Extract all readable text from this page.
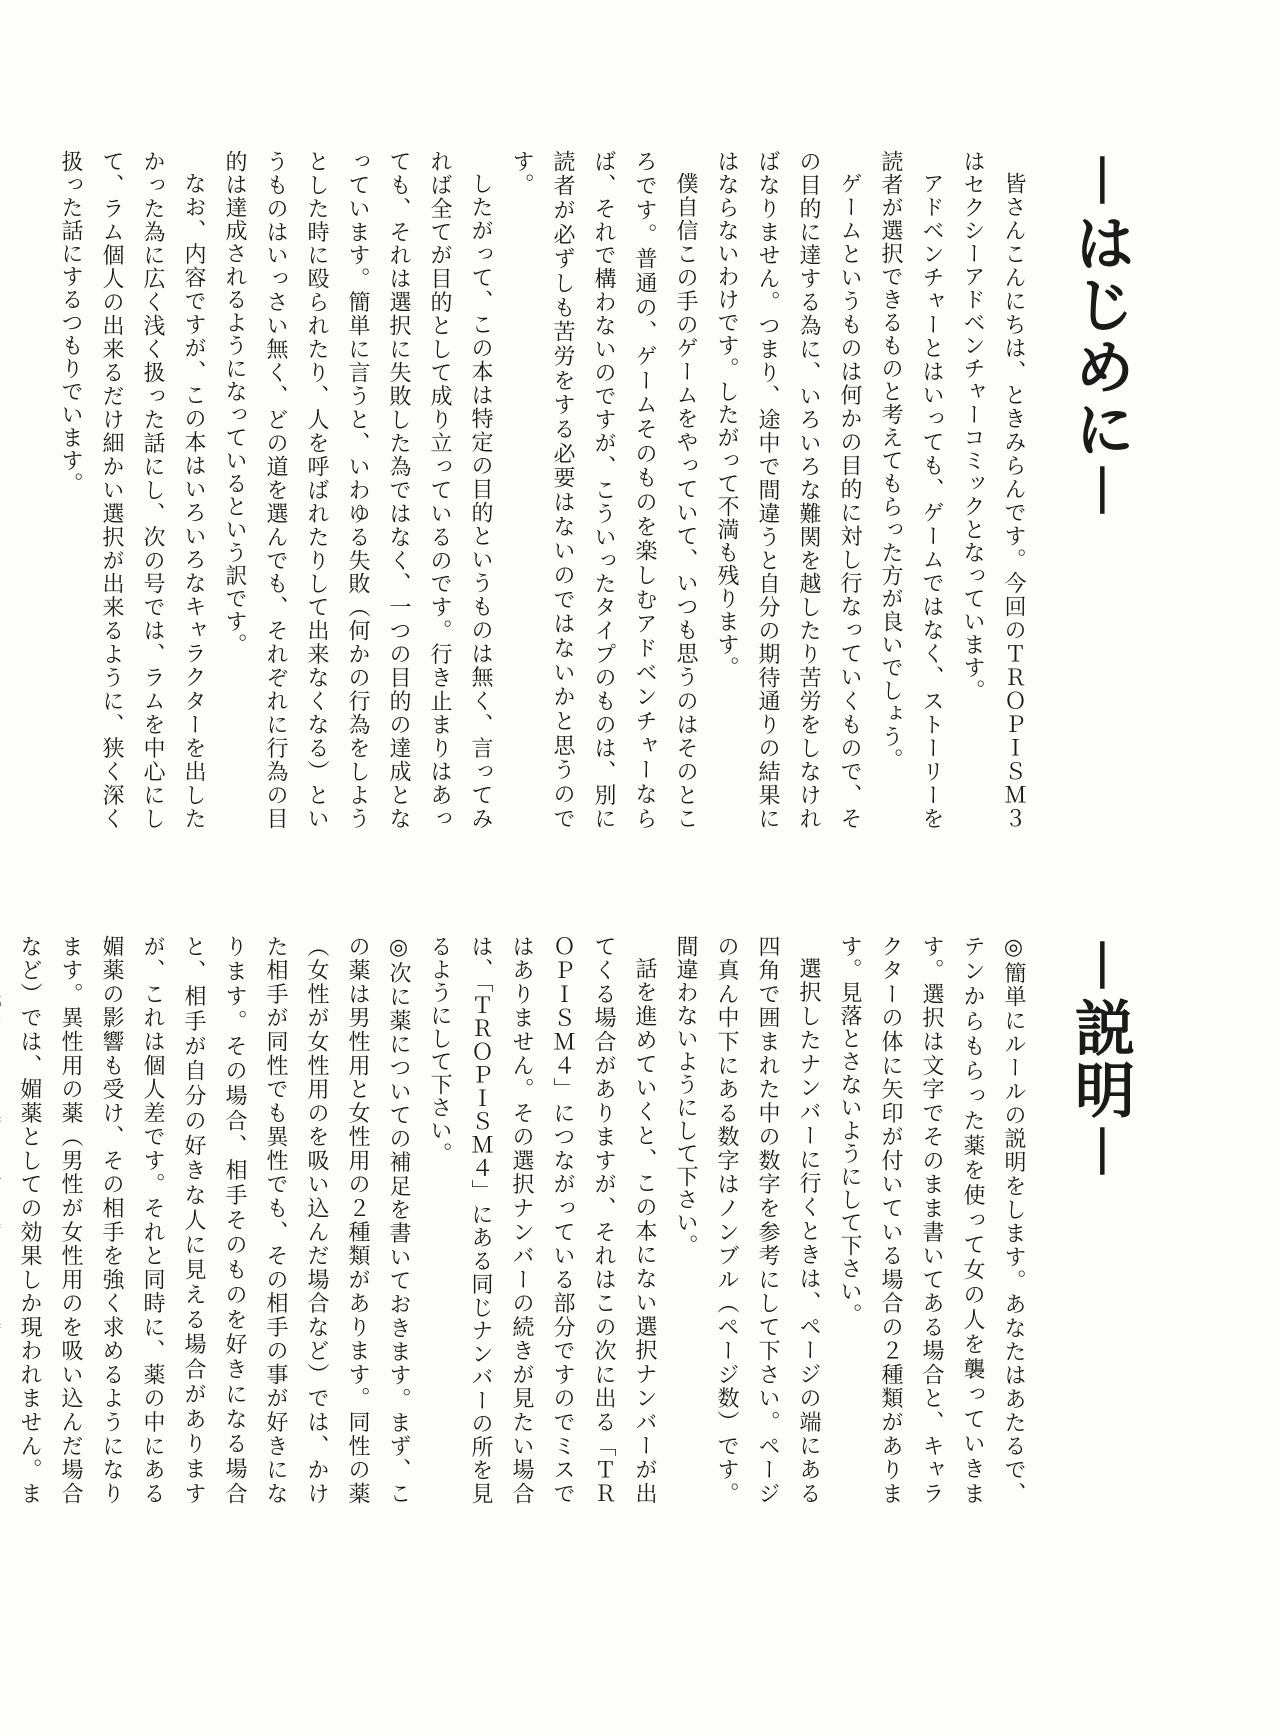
－はじめに－

皆さんこんにちは、ときみらんです。今回のＴＲＯＰＩＳＭ３はセクシーアドベンチャーコミックとなっています。

アドベンチャーとはいっても、ゲームではなく、ストーリーを読者が選択できるものと考えてもらった方が良いでしょう。

ゲームというものは何かの目的に対し行なっていくもので、その目的に達する為に、いろいろな難関を越したり苦労をしなければなりません。つまり、途中で間違うと自分の期待通りの結果にはならないわけです。したがって不満も残ります。

僕自信この手のゲームをやっていて、いつも思うのはそのところです。普通の、ゲームそのものを楽しむアドベンチャーならば、それで構わないのですが、こういったタイプのものは、別に読者が必ずしも苦労をする必要はないのではないかと思うのです。

したがって、この本は特定の目的というものは無く、言ってみれば全てが目的として成り立っているのです。行き止まりはあっても、それは選択に失敗した為ではなく、一つの目的の達成となっています。簡単に言うと、いわゆる失敗（何かの行為をしようとした時に殴られたり、人を呼ばれたりして出来なくなる）というものはいっさい無く、どの道を選んでも、それぞれに行為の目的は達成されるようになっているという訳です。

なお、内容ですが、この本はいろいろなキャラクターを出したかった為に広く浅く扱った話にし、次の号では、ラムを中心にして、ラム個人の出来るだけ細かい選択が出来るように、狭く深く扱った話にするつもりでいます。

－説明－

◎簡単にルールの説明をします。あなたはあたるで、テンからもらった薬を使って女の人を襲っていきます。選択は文字でそのまま書いてある場合と、キャラクターの体に矢印が付いている場合の２種類があります。見落とさないようにして下さい。

選択したナンバーに行くときは、ページの端にある四角で囲まれた中の数字を参考にして下さい。ページの真ん中下にある数字はノンブル（ページ数）です。間違わないようにして下さい。

話を進めていくと、この本にない選択ナンバーが出てくる場合がありますが、それはこの次に出る「ＴＲＯＰＩＳＭ４」につながっている部分ですのでミスではありません。その選択ナンバーの続きが見たい場合は、「ＴＲＯＰＩＳＭ４」にある同じナンバーの所を見るようにして下さい。

◎次に薬についての補足を書いておきます。まず、この薬は男性用と女性用の２種類があります。同性の薬（女性が女性用のを吸い込んだ場合など）では、かけた相手が同性でも異性でも、その相手の事が好きになります。その場合、相手そのものを好きになる場合と、相手が自分の好きな人に見える場合がありますが、これは個人差です。それと同時に、薬の中にある媚薬の影響も受け、その相手を強く求めるようになります。異性用の薬（男性が女性用のを吸い込んだ場合など）では、媚薬としての効果しか現われません。ま
